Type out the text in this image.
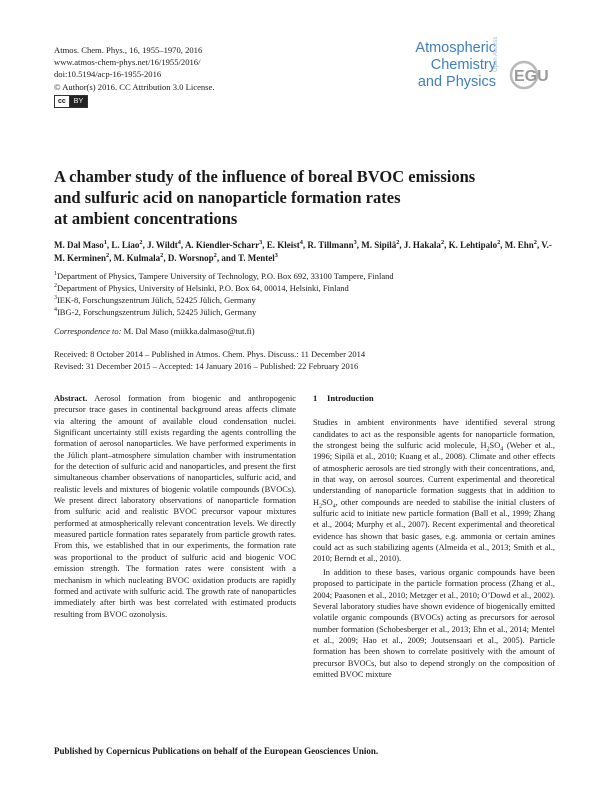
Atmos. Chem. Phys., 16, 1955–1970, 2016
www.atmos-chem-phys.net/16/1955/2016/
doi:10.5194/acp-16-1955-2016
© Author(s) 2016. CC Attribution 3.0 License.
cc	BY
Atmospheric
Chemistry
and Physics
Open Access
EGU
A chamber study of the influence of boreal BVOC emissions
and sulfuric acid on nanoparticle formation rates
at ambient concentrations
M. Dal Maso$^1$, L. Liao$^2$, J. Wildt$^4$, A. Kiendler-Scharr$^3$, E. Kleist$^4$, R. Tillmann$^3$, M. Sipilä$^2$, J. Hakala$^2$, K. Lehtipalo$^2$, M. Ehn$^2$, V.-M. Kerminen$^2$, M. Kulmala$^2$, D. Worsnop$^2$, and T. Mentel$^3$
$^1$Department of Physics, Tampere University of Technology, P.O. Box 692, 33100 Tampere, Finland
$^2$Department of Physics, University of Helsinki, P.O. Box 64, 00014, Helsinki, Finland
$^3$IEK-8, Forschungszentrum Jülich, 52425 Jülich, Germany
$^4$IBG-2, Forschungszentrum Jülich, 52425 Jülich, Germany
Correspondence to: M. Dal Maso (miikka.dalmaso@tut.fi)
Received: 8 October 2014 – Published in Atmos. Chem. Phys. Discuss.: 11 December 2014
Revised: 31 December 2015 – Accepted: 14 January 2016 – Published: 22 February 2016

Abstract. Aerosol formation from biogenic and anthropogenic precursor trace gases in continental background areas affects climate via altering the amount of available cloud condensation nuclei. Significant uncertainty still exists regarding the agents controlling the formation of aerosol nanoparticles. We have performed experiments in the Jülich plant–atmosphere simulation chamber with instrumentation for the detection of sulfuric acid and nanoparticles, and present the first simultaneous chamber observations of nanoparticles, sulfuric acid, and realistic levels and mixtures of biogenic volatile compounds (BVOCs). We present direct laboratory observations of nanoparticle formation from sulfuric acid and realistic BVOC precursor vapour mixtures performed at atmospherically relevant concentration levels. We directly measured particle formation rates separately from particle growth rates. From this, we established that in our experiments, the formation rate was proportional to the product of sulfuric acid and biogenic VOC emission strength. The formation rates were consistent with a mechanism in which nucleating BVOC oxidation products are rapidly formed and activate with sulfuric acid. The growth rate of nanoparticles immediately after birth was best correlated with estimated products resulting from BVOC ozonolysis.

1 Introduction

Studies in ambient environments have identified several strong candidates to act as the responsible agents for nanoparticle formation, the strongest being the sulfuric acid molecule, $H_2SO_4$ (Weber et al., 1996; Sipilä et al., 2010; Kuang et al., 2008). Climate and other effects of atmospheric aerosols are tied strongly with their concentrations, and, in that way, on aerosol sources. Current experimental and theoretical understanding of nanoparticle formation suggests that in addition to $H_2SO_4$, other compounds are needed to stabilise the initial clusters of sulfuric acid to initiate new particle formation (Ball et al., 1999; Zhang et al., 2004; Murphy et al., 2007). Recent experimental and theoretical evidence has shown that basic gases, e.g. ammonia or certain amines could act as such stabilizing agents (Almeida et al., 2013; Smith et al., 2010; Berndt et al., 2010).

In addition to these bases, various organic compounds have been proposed to participate in the particle formation process (Zhang et al., 2004; Paasonen et al., 2010; Metzger et al., 2010; O’Dowd et al., 2002). Several laboratory studies have shown evidence of biogenically emitted volatile organic compounds (BVOCs) acting as precursors for aerosol number formation (Schobesberger et al., 2013; Ehn et al., 2014; Mentel et al., 2009; Hao et al., 2009; Joutsensaari et al., 2005). Particle formation has been shown to correlate positively with the amount of precursor BVOCs, but also to depend strongly on the composition of emitted BVOC mixture

Published by Copernicus Publications on behalf of the European Geosciences Union.
